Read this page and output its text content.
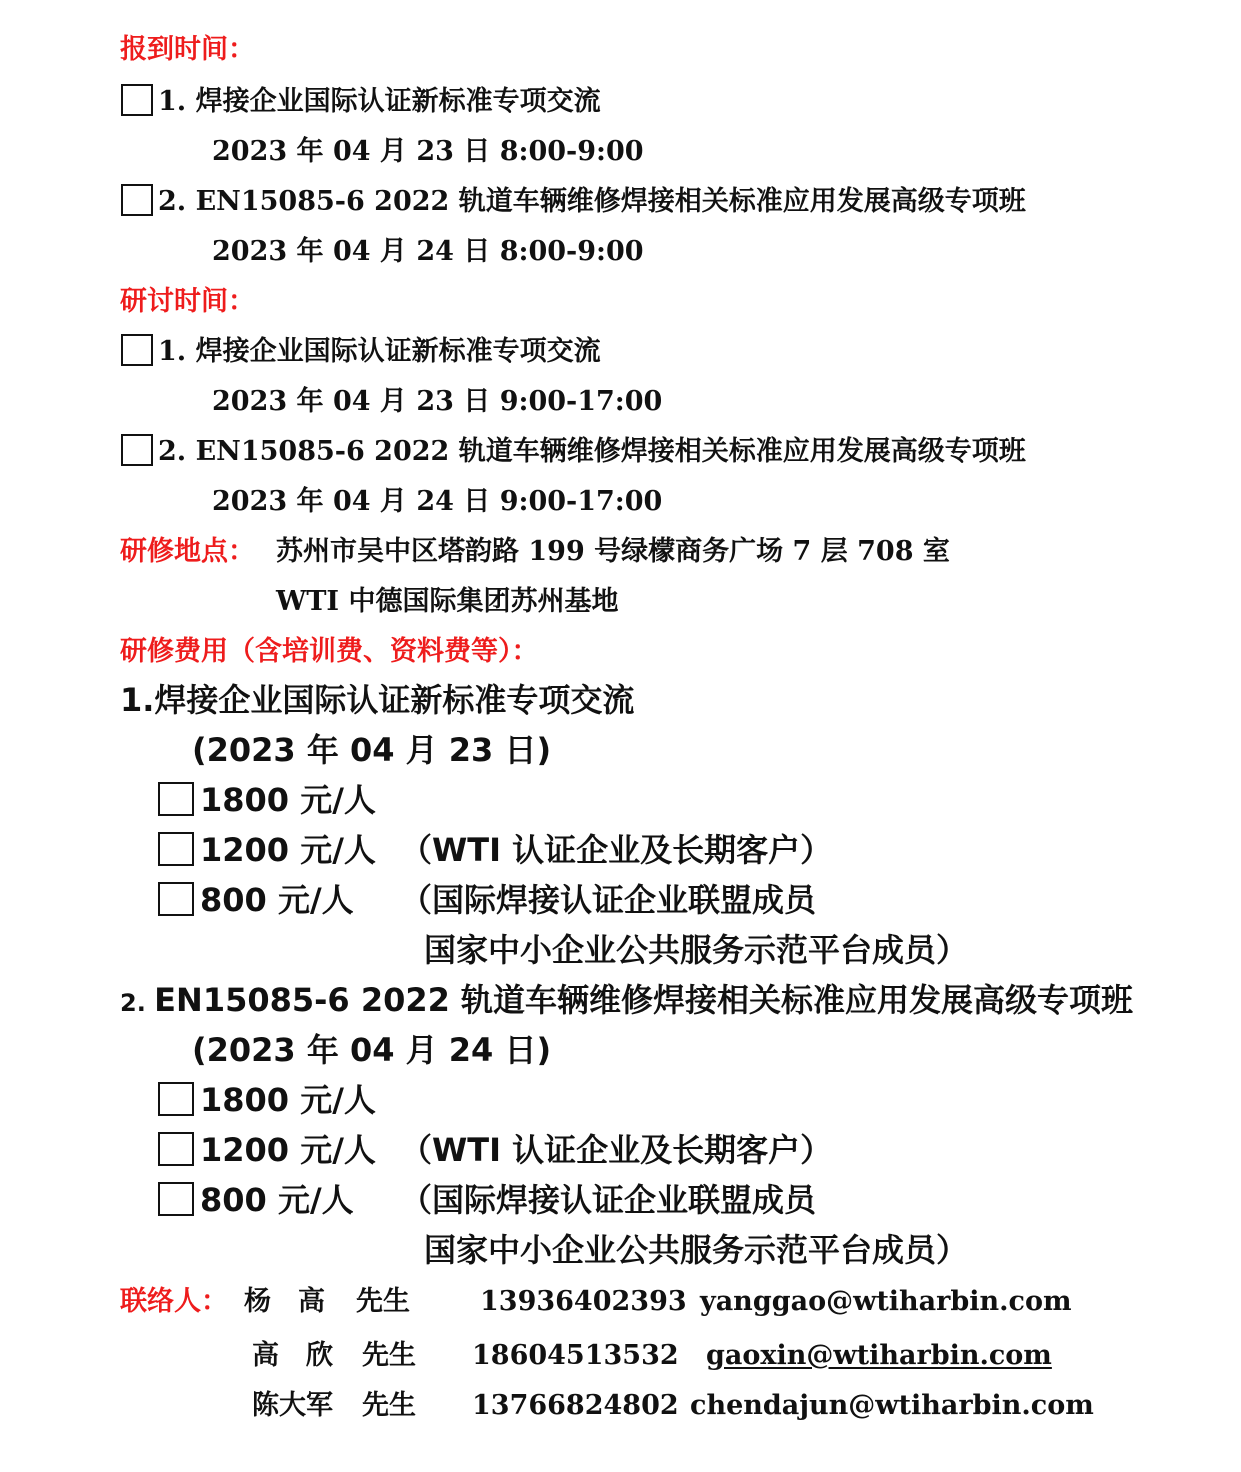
报到时间：
1. 焊接企业国际认证新标准专项交流
2023 年 04 月 23 日 8:00-9:00
2. EN15085-6 2022 轨道车辆维修焊接相关标准应用发展高级专项班
2023 年 04 月 24 日 8:00-9:00
研讨时间：
1. 焊接企业国际认证新标准专项交流
2023 年 04 月 23 日 9:00-17:00
2. EN15085-6 2022 轨道车辆维修焊接相关标准应用发展高级专项班
2023 年 04 月 24 日 9:00-17:00
研修地点： 苏州市吴中区塔韵路 199 号绿檬商务广场 7 层 708 室
WTI 中德国际集团苏州基地
研修费用（含培训费、资料费等）：
1.焊接企业国际认证新标准专项交流
(2023 年 04 月 23 日)
1800 元/人
1200 元/人 （WTI 认证企业及长期客户）
800 元/人 （国际焊接认证企业联盟成员
国家中小企业公共服务示范平台成员）
2. EN15085-6 2022 轨道车辆维修焊接相关标准应用发展高级专项班
(2023 年 04 月 24 日)
1800 元/人
1200 元/人 （WTI 认证企业及长期客户）
800 元/人 （国际焊接认证企业联盟成员
国家中小企业公共服务示范平台成员）
联络人： 杨　高 先生	13936402393 yanggao@wtiharbin.com
高　欣 先生 18604513532 gaoxin@wtiharbin.com
陈大军 先生 13766824802 chendajun@wtiharbin.com
